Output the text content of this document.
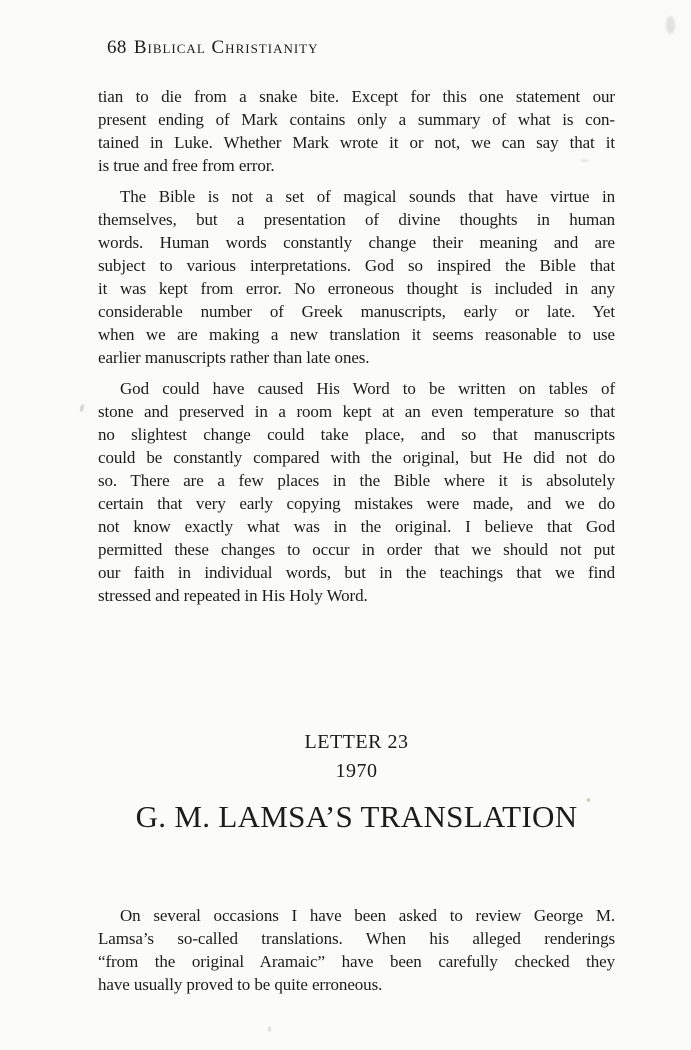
68 Biblical Christianity
tian to die from a snake bite. Except for this one statement our
present ending of Mark contains only a summary of what is con-
tained in Luke. Whether Mark wrote it or not, we can say that it
is true and free from error.
The Bible is not a set of magical sounds that have virtue in
themselves, but a presentation of divine thoughts in human
words. Human words constantly change their meaning and are
subject to various interpretations. God so inspired the Bible that
it was kept from error. No erroneous thought is included in any
considerable number of Greek manuscripts, early or late. Yet
when we are making a new translation it seems reasonable to use
earlier manuscripts rather than late ones.
God could have caused His Word to be written on tables of
stone and preserved in a room kept at an even temperature so that
no slightest change could take place, and so that manuscripts
could be constantly compared with the original, but He did not do
so. There are a few places in the Bible where it is absolutely
certain that very early copying mistakes were made, and we do
not know exactly what was in the original. I believe that God
permitted these changes to occur in order that we should not put
our faith in individual words, but in the teachings that we find
stressed and repeated in His Holy Word.
LETTER 23
1970
G. M. LAMSA’S TRANSLATION
On several occasions I have been asked to review George M.
Lamsa’s so-called translations. When his alleged renderings
“from the original Aramaic” have been carefully checked they
have usually proved to be quite erroneous.
